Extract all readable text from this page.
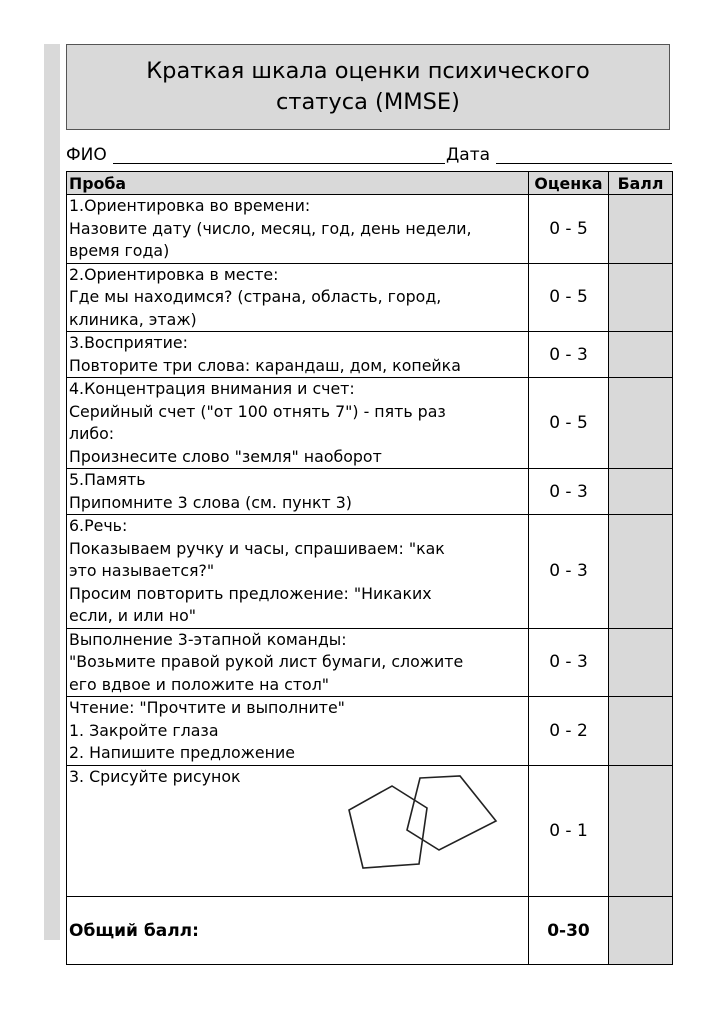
Краткая шкала оценки психического
статуса (MMSE)
ФИО	Дата
Проба	Оценка	Балл

1.Ориентировка во времени:
Назовите дату (число, месяц, год, день недели,
время года)	0 - 5	

2.Ориентировка в месте:
Где мы находимся? (страна, область, город,
клиника, этаж)	0 - 5	

3.Восприятие:
Повторите три слова: карандаш, дом, копейка	0 - 3	

4.Концентрация внимания и счет:
Серийный счет ("от 100 отнять 7") - пять раз
либо:
Произнесите слово "земля" наоборот	0 - 5	

5.Память
Припомните 3 слова (см. пункт 3)	0 - 3	

6.Речь:
Показываем ручку и часы, спрашиваем: "как
это называется?"
Просим повторить предложение: "Никаких
если, и или но"	0 - 3	

Выполнение 3-этапной команды:
"Возьмите правой рукой лист бумаги, сложите
его вдвое и положите на стол"	0 - 3	

Чтение: "Прочтите и выполните"
1. Закройте глаза
2. Напишите предложение	0 - 2	

3. Срисуйте рисунок	0 - 1	
Общий балл:	0-30	
